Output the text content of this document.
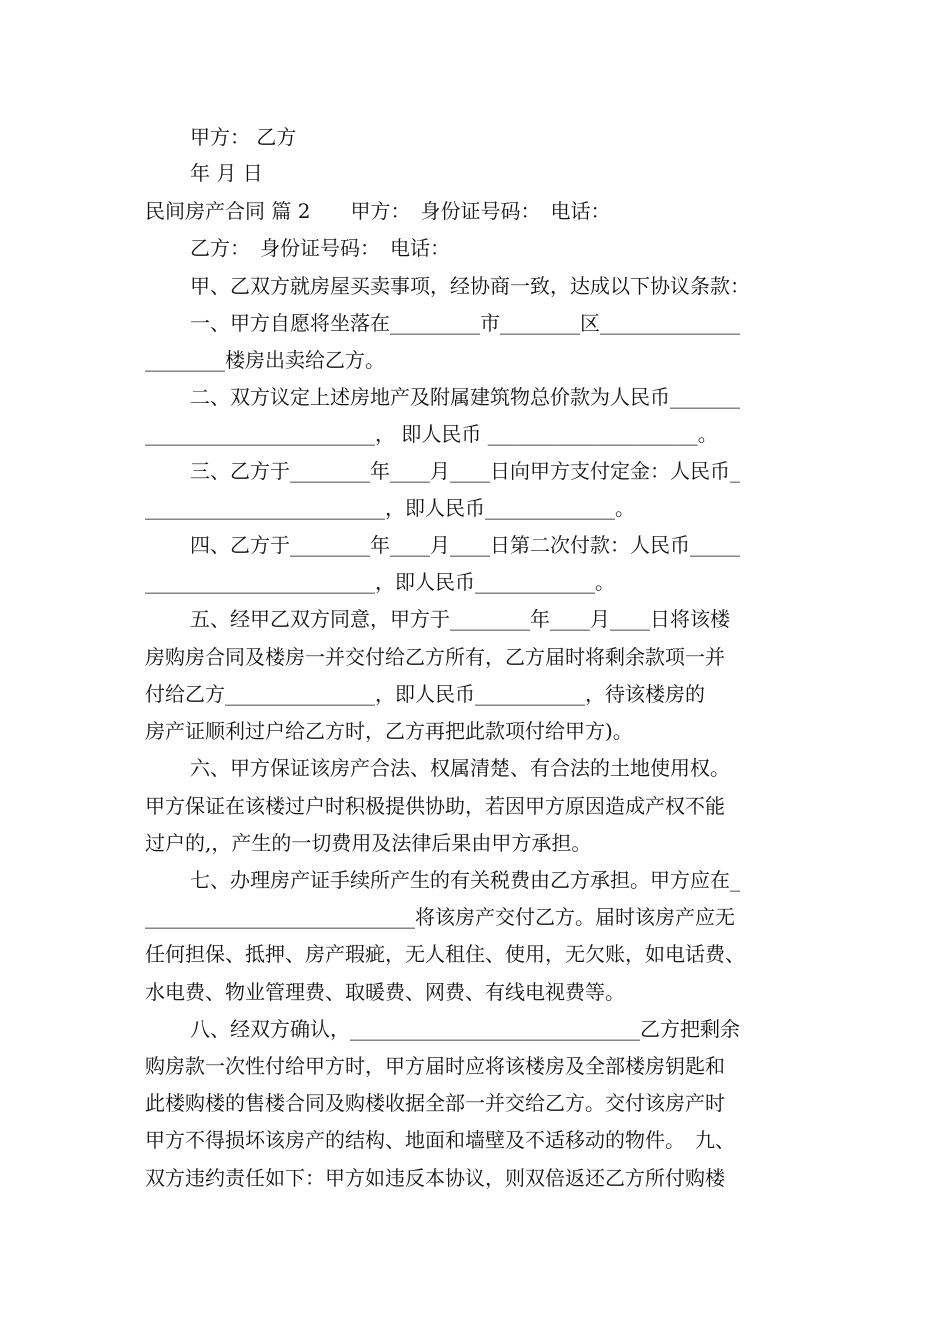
甲方： 乙方
年 月 日
民间房产合同 篇 2　　甲方：　身份证号码：　电话：
乙方：　身份证号码：　电话：
甲、乙双方就房屋买卖事项，经协商一致，达成以下协议条款：
一、甲方自愿将坐落在_________市________区______________
________楼房出卖给乙方。
二、双方议定上述房地产及附属建筑物总价款为人民币_______
_______________________， 即人民币 _____________________。
三、乙方于________年____月____日向甲方支付定金：人民币_
________________________，即人民币_____________。
四、乙方于________年____月____日第二次付款：人民币_____
_______________________，即人民币____________。
五、经甲乙双方同意，甲方于________年____月____日将该楼
房购房合同及楼房一并交付给乙方所有，乙方届时将剩余款项一并
付给乙方_______________，即人民币___________，待该楼房的
房产证顺利过户给乙方时，乙方再把此款项付给甲方)。
六、甲方保证该房产合法、权属清楚、有合法的土地使用权。
甲方保证在该楼过户时积极提供协助，若因甲方原因造成产权不能
过户的,，产生的一切费用及法律后果由甲方承担。
七、办理房产证手续所产生的有关税费由乙方承担。甲方应在_
___________________________将该房产交付乙方。届时该房产应无
任何担保、抵押、房产瑕疵，无人租住、使用，无欠账，如电话费、
水电费、物业管理费、取暖费、网费、有线电视费等。
八、经双方确认，_____________________________乙方把剩余
购房款一次性付给甲方时，甲方届时应将该楼房及全部楼房钥匙和
此楼购楼的售楼合同及购楼收据全部一并交给乙方。交付该房产时
甲方不得损坏该房产的结构、地面和墙壁及不适移动的物件。　九、
双方违约责任如下：甲方如违反本协议，则双倍返还乙方所付购楼
